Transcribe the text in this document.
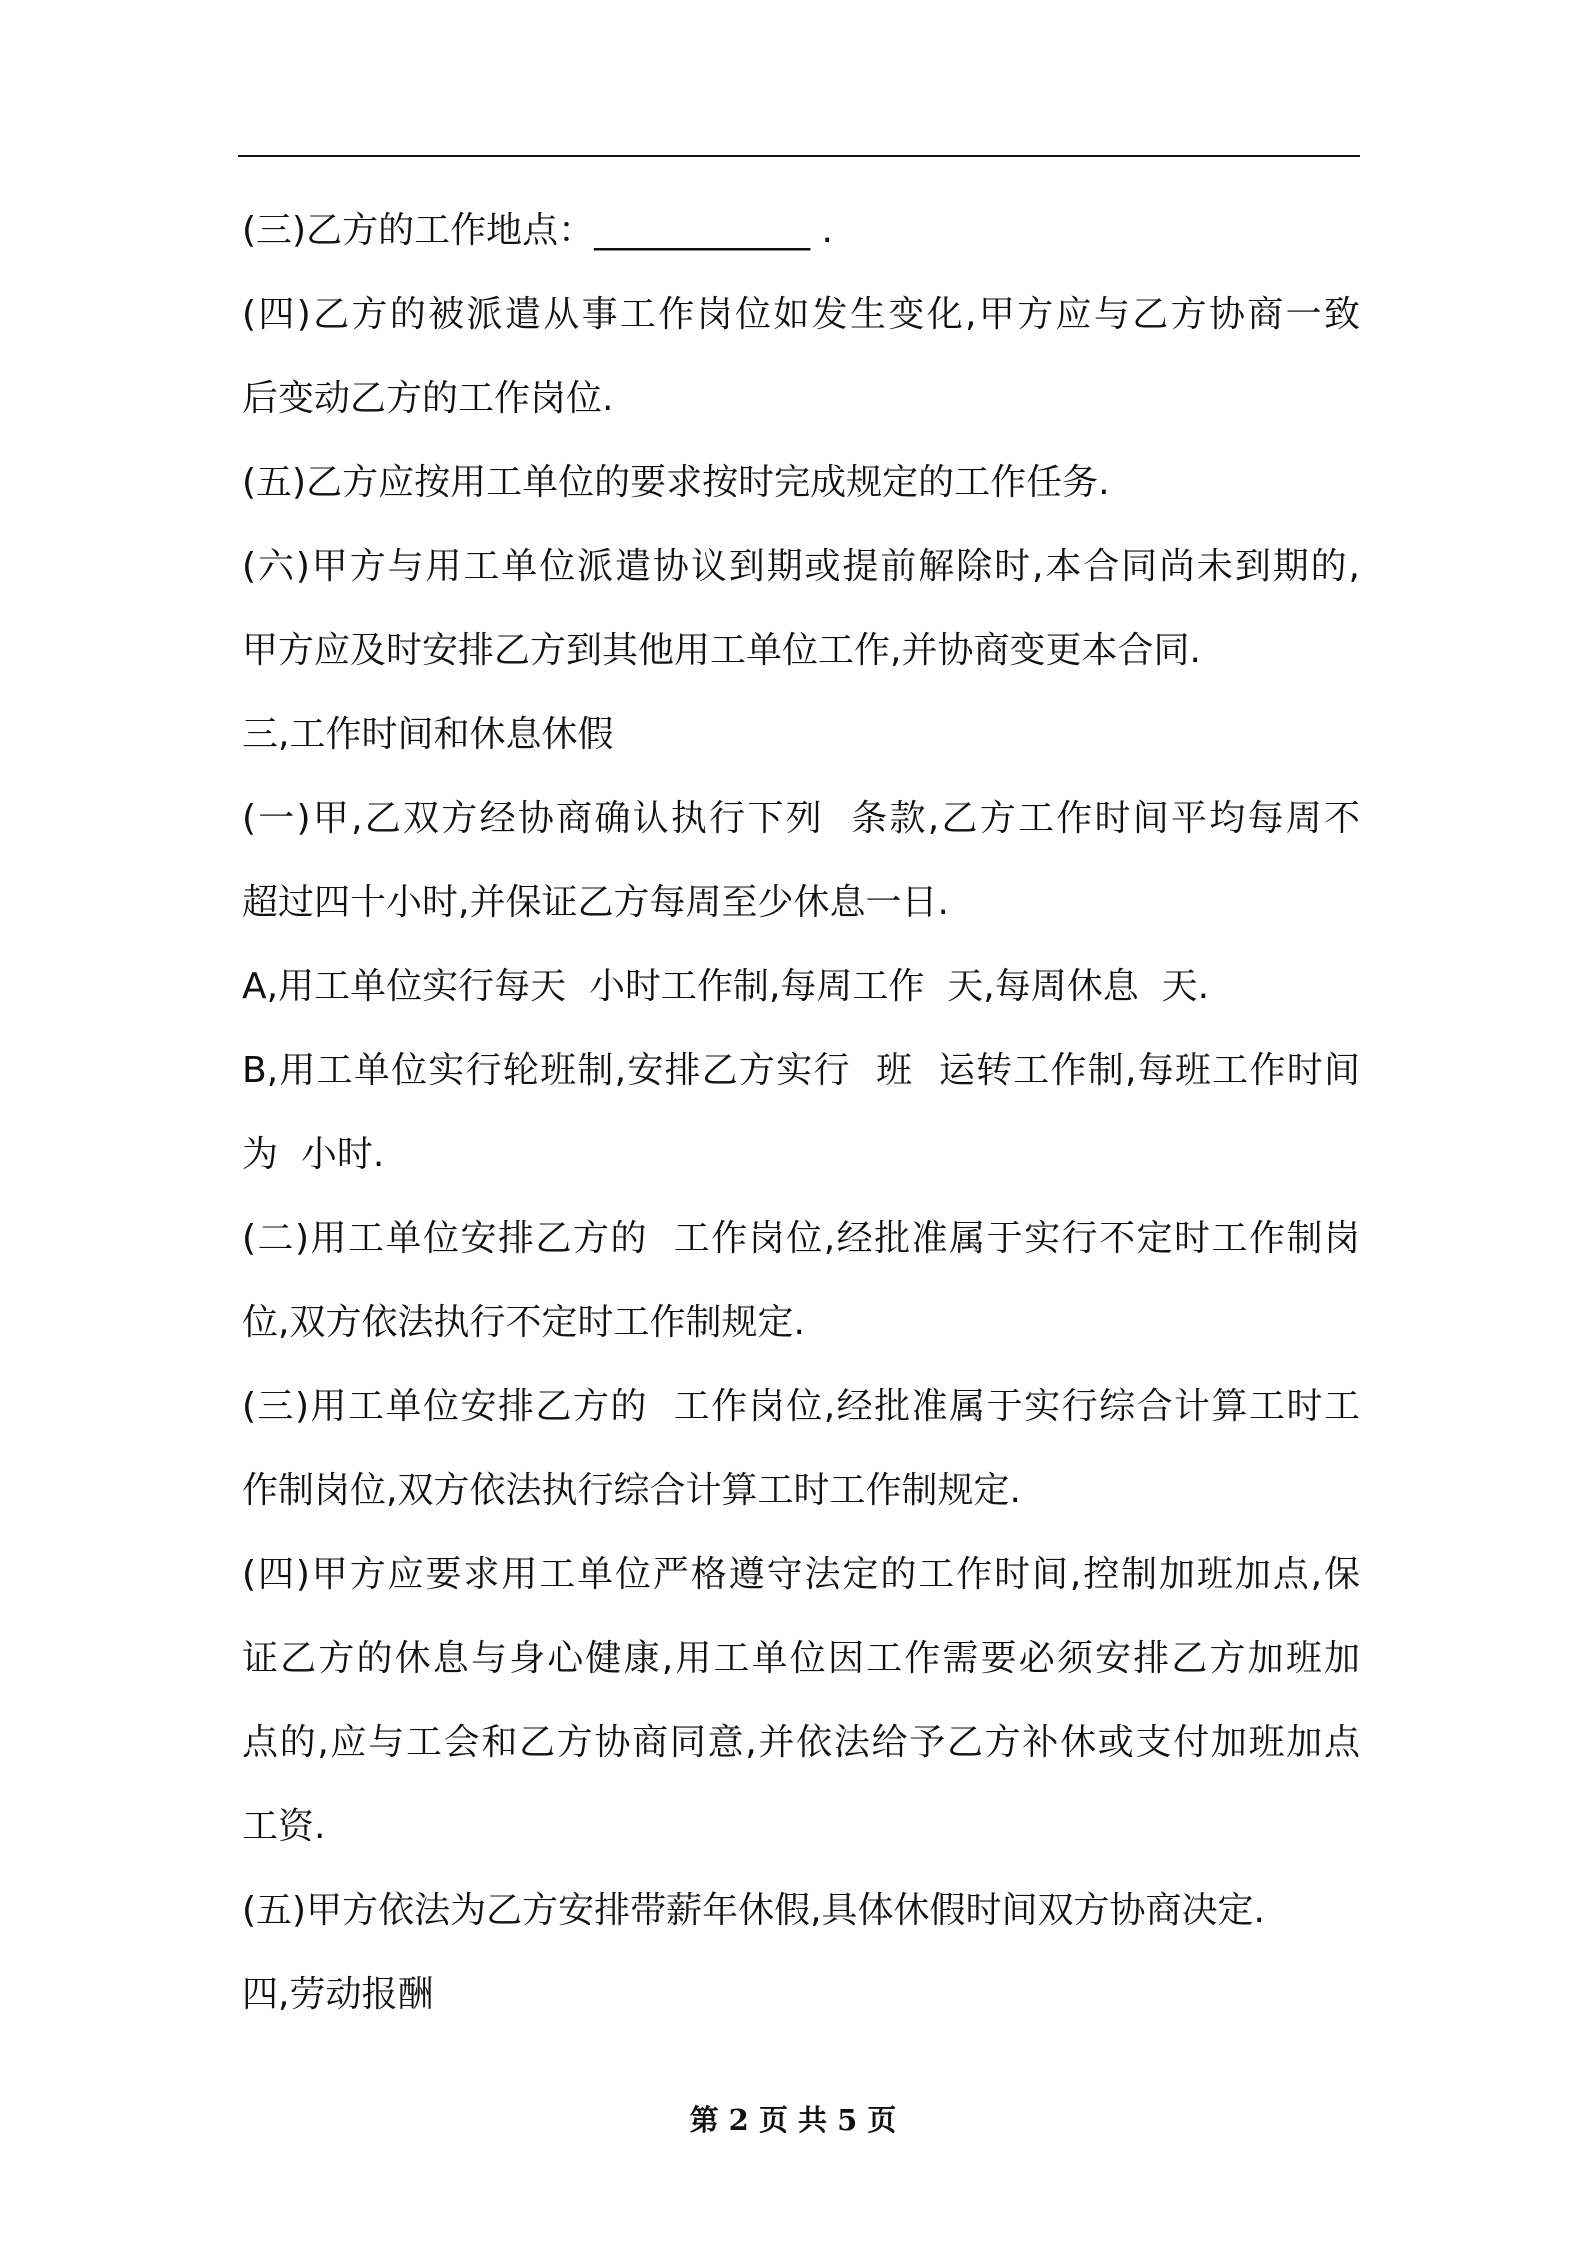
(三)乙方的工作地点：____________ .
(四)乙方的被派遣从事工作岗位如发生变化,甲方应与乙方协商一致
后变动乙方的工作岗位.
(五)乙方应按用工单位的要求按时完成规定的工作任务.
(六)甲方与用工单位派遣协议到期或提前解除时,本合同尚未到期的,
甲方应及时安排乙方到其他用工单位工作,并协商变更本合同.
三,工作时间和休息休假
(一)甲,乙双方经协商确认执行下列  条款,乙方工作时间平均每周不
超过四十小时,并保证乙方每周至少休息一日.
A,用工单位实行每天  小时工作制,每周工作  天,每周休息  天.
B,用工单位实行轮班制,安排乙方实行  班  运转工作制,每班工作时间
为  小时.
(二)用工单位安排乙方的  工作岗位,经批准属于实行不定时工作制岗
位,双方依法执行不定时工作制规定.
(三)用工单位安排乙方的  工作岗位,经批准属于实行综合计算工时工
作制岗位,双方依法执行综合计算工时工作制规定.
(四)甲方应要求用工单位严格遵守法定的工作时间,控制加班加点,保
证乙方的休息与身心健康,用工单位因工作需要必须安排乙方加班加
点的,应与工会和乙方协商同意,并依法给予乙方补休或支付加班加点
工资.
(五)甲方依法为乙方安排带薪年休假,具体休假时间双方协商决定.
四,劳动报酬
第 2 页 共 5 页
